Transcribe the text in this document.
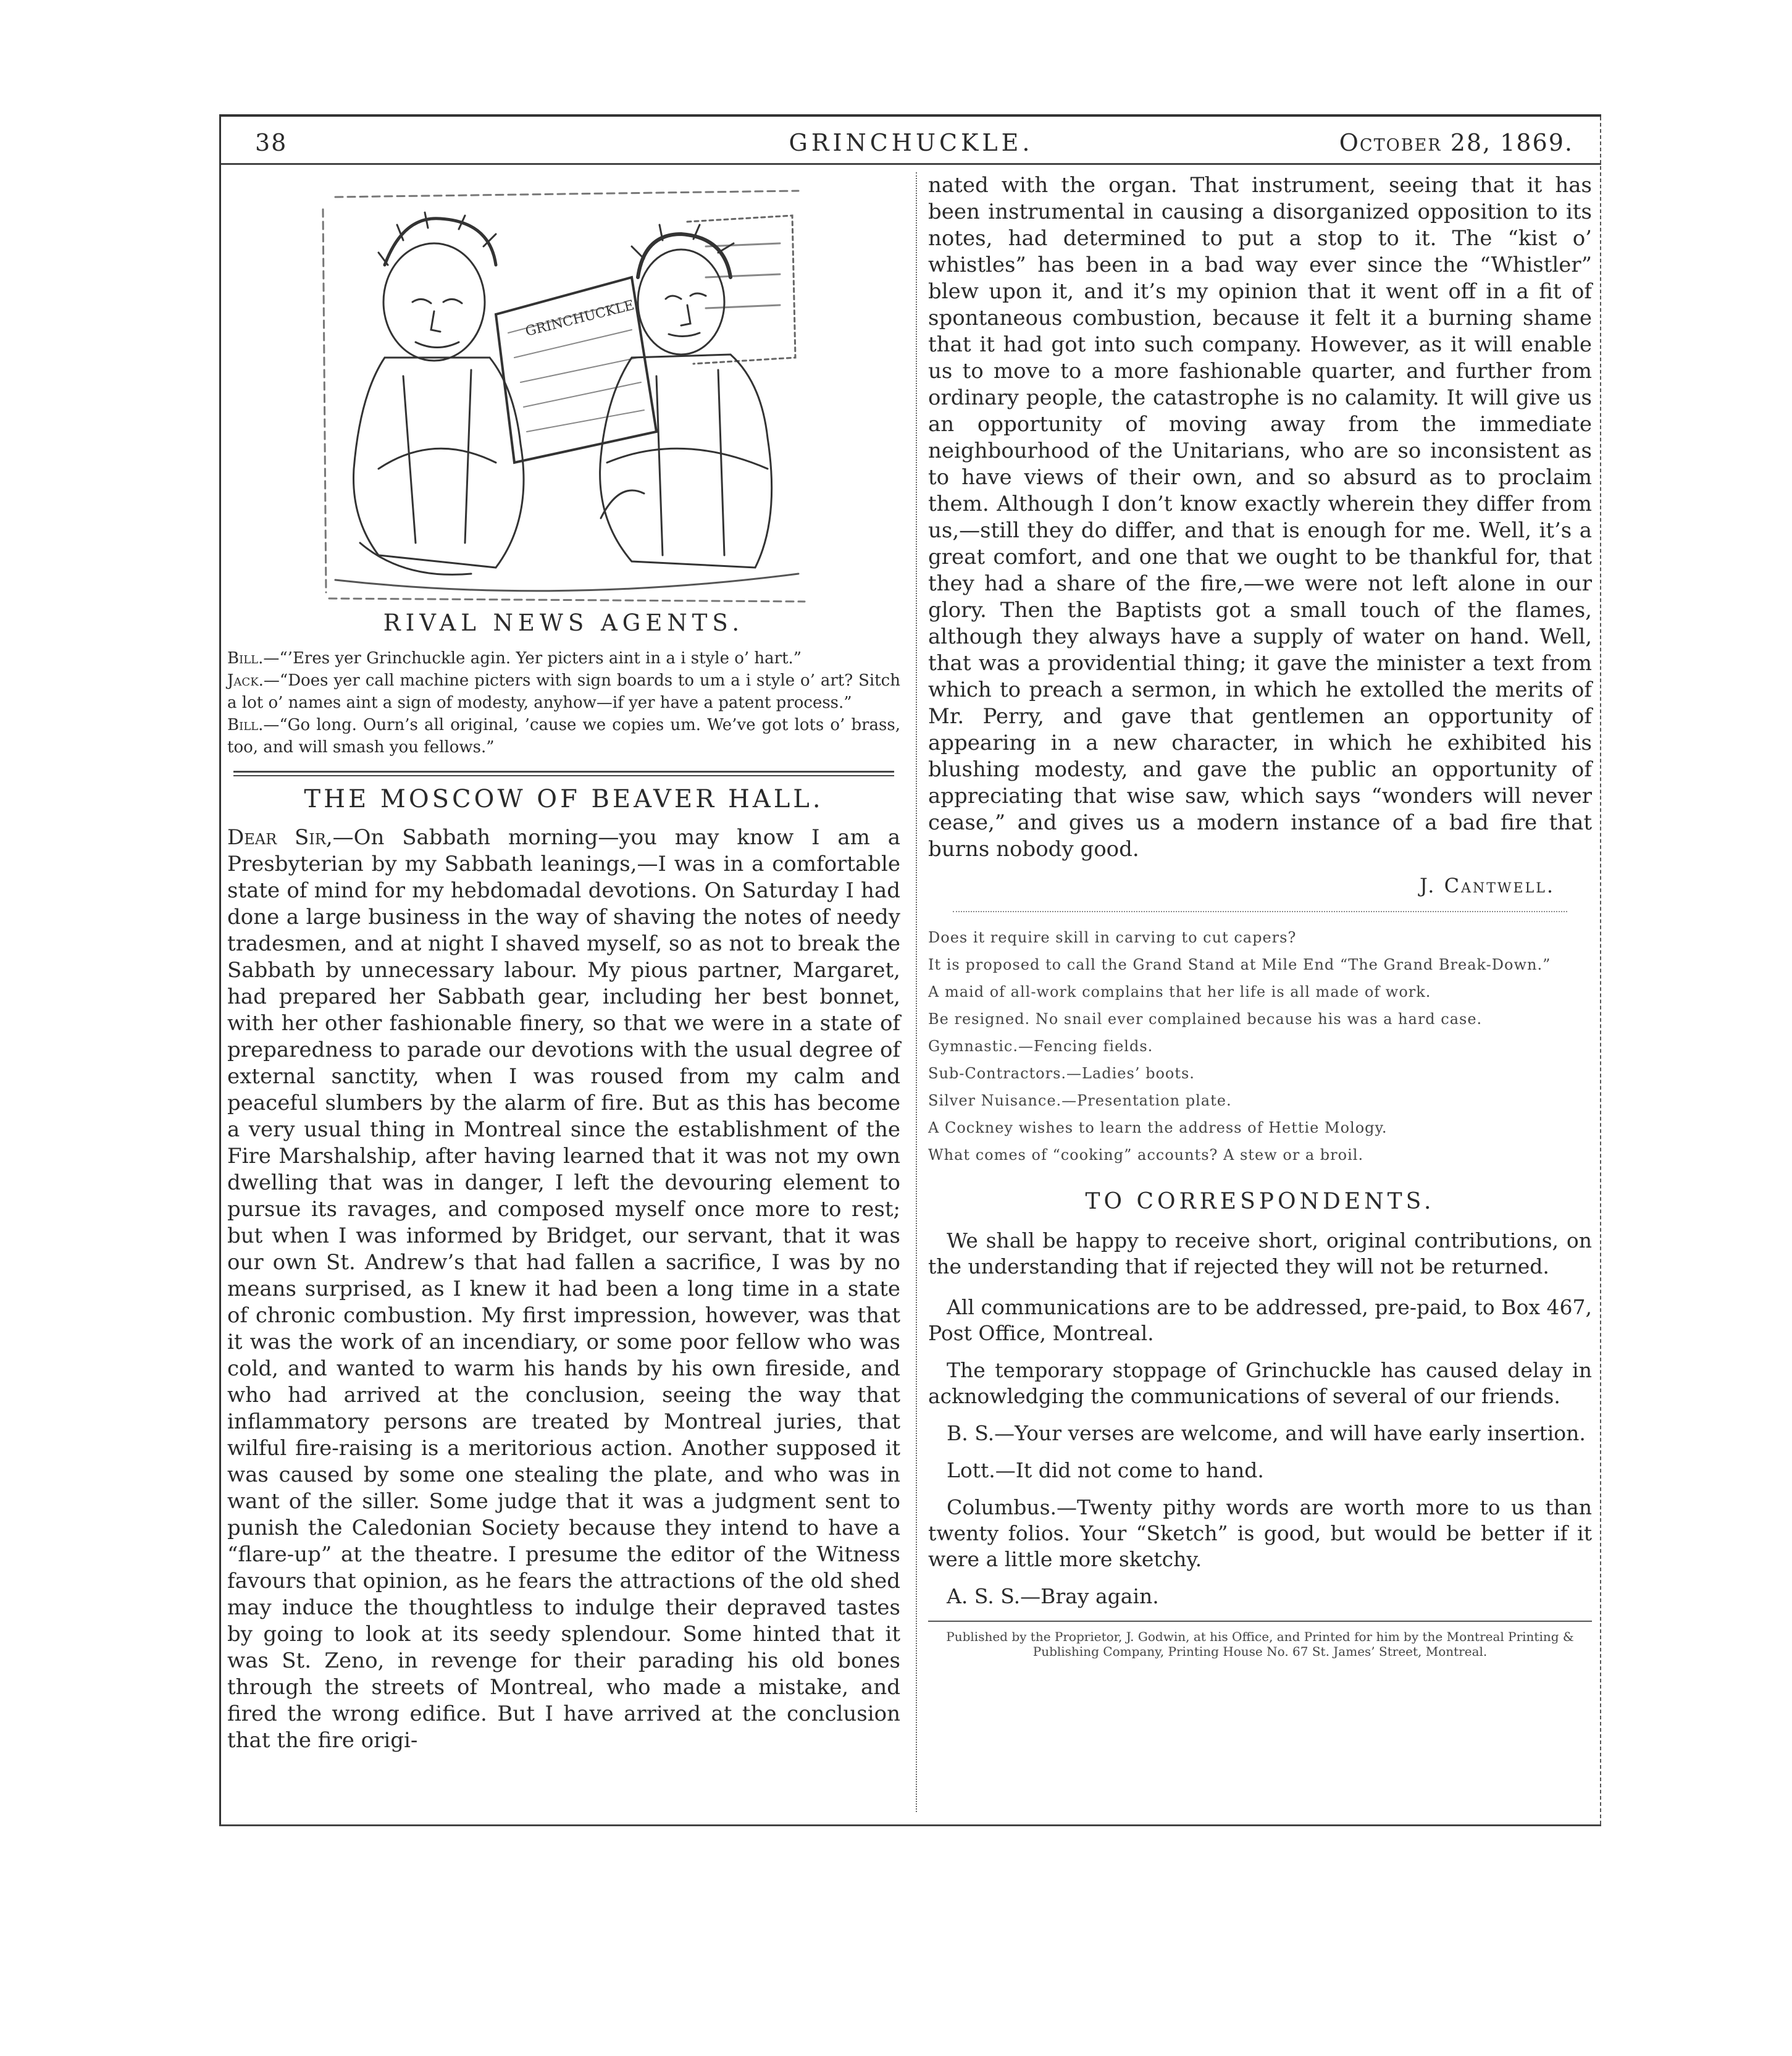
38	GRINCHUCKLE.	October 28, 1869.
GRINCHUCKLE
RIVAL NEWS AGENTS.

Bill.—“’Eres yer Grinchuckle agin. Yer picters aint in a i style o’ hart.”

Jack.—“Does yer call machine picters with sign boards to um a i style o’ art? Sitch a lot o’ names aint a sign of modesty, anyhow—if yer have a patent process.”

Bill.—“Go long. Ourn’s all original, ’cause we copies um. We’ve got lots o’ brass, too, and will smash you fellows.”

THE MOSCOW OF BEAVER HALL.

Dear Sir,—On Sabbath morning—you may know I am a Presbyterian by my Sabbath leanings,—I was in a comfortable state of mind for my hebdomadal devotions. On Saturday I had done a large business in the way of shaving the notes of needy tradesmen, and at night I shaved myself, so as not to break the Sabbath by unnecessary labour. My pious partner, Margaret, had prepared her Sabbath gear, including her best bonnet, with her other fashionable finery, so that we were in a state of preparedness to parade our devotions with the usual degree of external sanctity, when I was roused from my calm and peaceful slumbers by the alarm of fire. But as this has become a very usual thing in Montreal since the establishment of the Fire Marshalship, after having learned that it was not my own dwelling that was in danger, I left the devouring element to pursue its ravages, and composed myself once more to rest; but when I was informed by Bridget, our servant, that it was our own St. Andrew’s that had fallen a sacrifice, I was by no means surprised, as I knew it had been a long time in a state of chronic combustion. My first impression, however, was that it was the work of an incendiary, or some poor fellow who was cold, and wanted to warm his hands by his own fireside, and who had arrived at the conclusion, seeing the way that inflammatory persons are treated by Montreal juries, that wilful fire-raising is a meritorious action. Another supposed it was caused by some one stealing the plate, and who was in want of the siller. Some judge that it was a judgment sent to punish the Caledonian Society because they intend to have a “flare-up” at the theatre. I presume the editor of the Witness favours that opinion, as he fears the attractions of the old shed may induce the thoughtless to indulge their depraved tastes by going to look at its seedy splendour. Some hinted that it was St. Zeno, in revenge for their parading his old bones through the streets of Montreal, who made a mistake, and fired the wrong edifice. But I have arrived at the conclusion that the fire origi-

nated with the organ. That instrument, seeing that it has been instrumental in causing a disorganized opposition to its notes, had determined to put a stop to it. The “kist o’ whistles” has been in a bad way ever since the “Whistler” blew upon it, and it’s my opinion that it went off in a fit of spontaneous combustion, because it felt it a burning shame that it had got into such company. However, as it will enable us to move to a more fashionable quarter, and further from ordinary people, the catastrophe is no calamity. It will give us an opportunity of moving away from the immediate neighbourhood of the Unitarians, who are so inconsistent as to have views of their own, and so absurd as to proclaim them. Although I don’t know exactly wherein they differ from us,—still they do differ, and that is enough for me. Well, it’s a great comfort, and one that we ought to be thankful for, that they had a share of the fire,—we were not left alone in our glory. Then the Baptists got a small touch of the flames, although they always have a supply of water on hand. Well, that was a providential thing; it gave the minister a text from which to preach a sermon, in which he extolled the merits of Mr. Perry, and gave that gentlemen an opportunity of appearing in a new character, in which he exhibited his blushing modesty, and gave the public an opportunity of appreciating that wise saw, which says “wonders will never cease,” and gives us a modern instance of a bad fire that burns nobody good.

J. Cantwell.

Does it require skill in carving to cut capers?

It is proposed to call the Grand Stand at Mile End “The Grand Break-Down.”

A maid of all-work complains that her life is all made of work.

Be resigned. No snail ever complained because his was a hard case.

Gymnastic.—Fencing fields.

Sub-Contractors.—Ladies’ boots.

Silver Nuisance.—Presentation plate.

A Cockney wishes to learn the address of Hettie Mology.

What comes of “cooking” accounts? A stew or a broil.

TO CORRESPONDENTS.

We shall be happy to receive short, original contributions, on the understanding that if rejected they will not be returned.

All communications are to be addressed, pre-paid, to Box 467, Post Office, Montreal.

The temporary stoppage of Grinchuckle has caused delay in acknowledging the communications of several of our friends.

B. S.—Your verses are welcome, and will have early insertion.

Lott.—It did not come to hand.

Columbus.—Twenty pithy words are worth more to us than twenty folios. Your “Sketch” is good, but would be better if it were a little more sketchy.

A. S. S.—Bray again.

Published by the Proprietor, J. Godwin, at his Office, and Printed for him by the Montreal Printing & Publishing Company, Printing House No. 67 St. James’ Street, Montreal.
